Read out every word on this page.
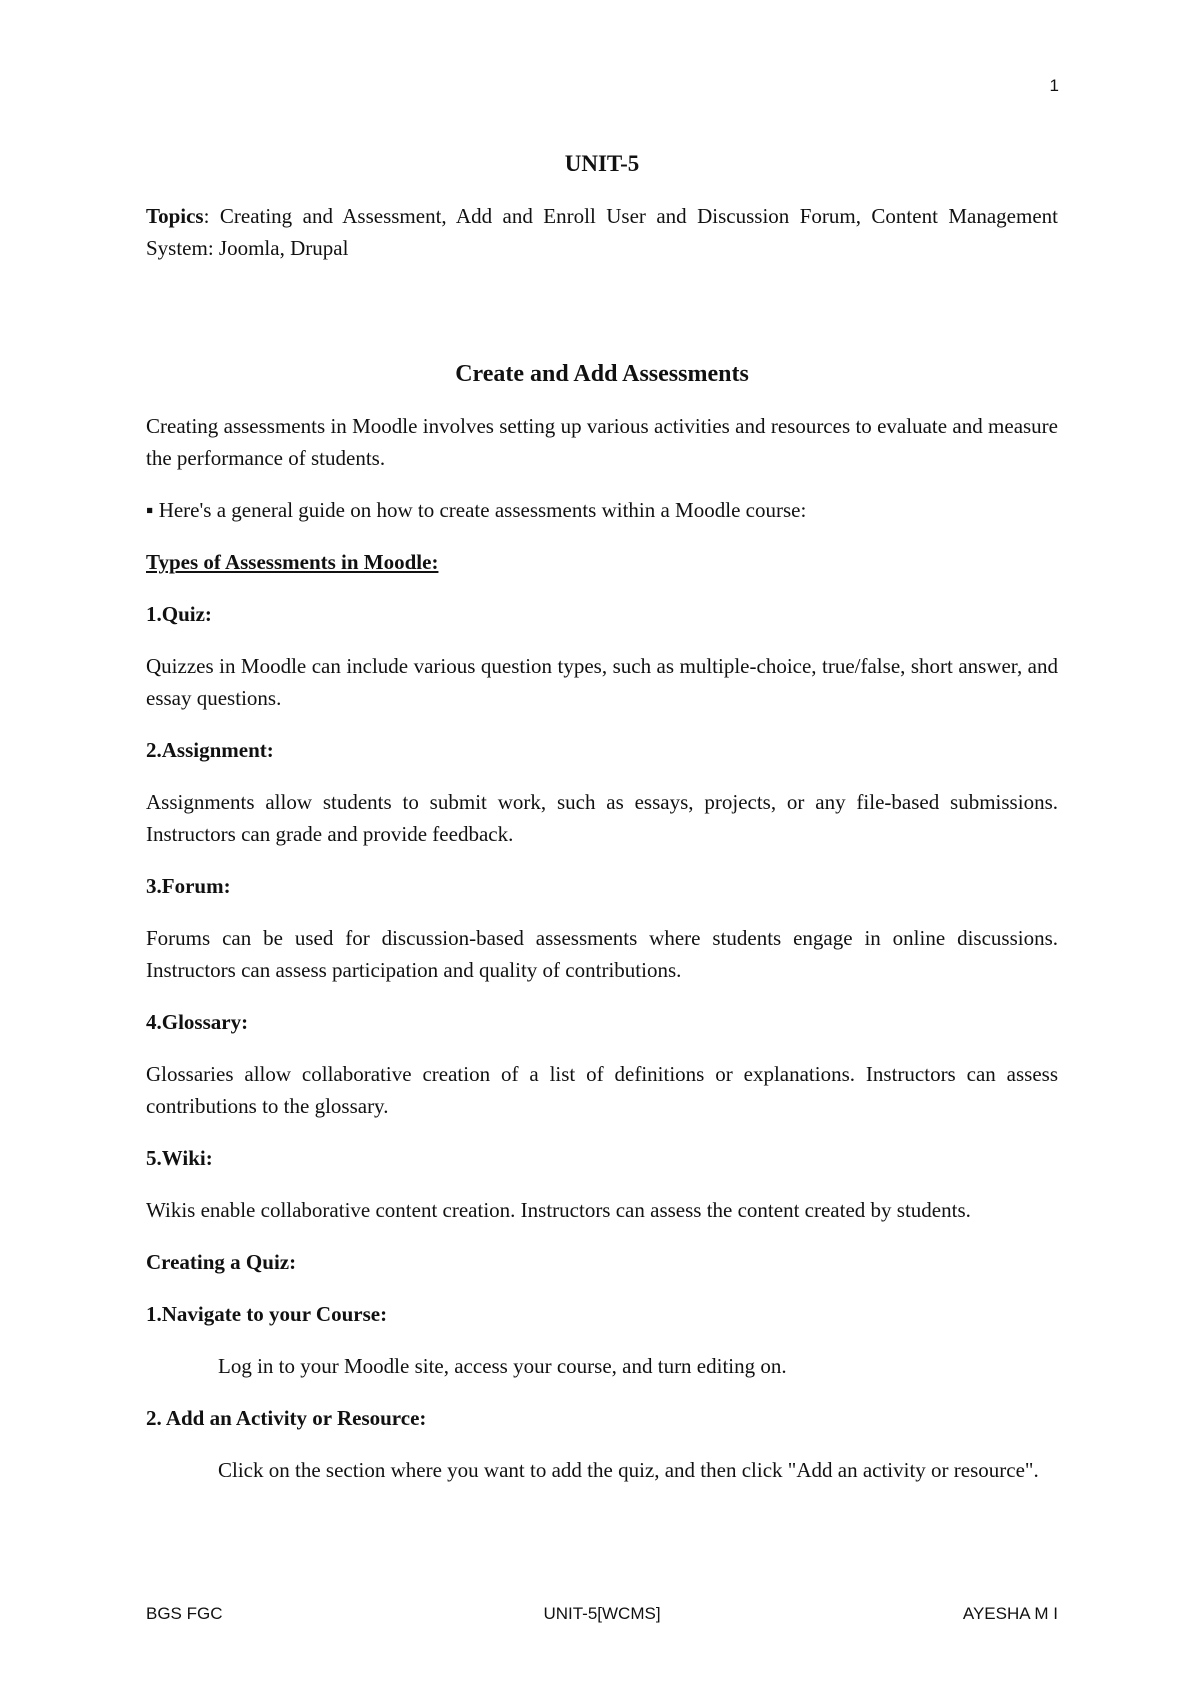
1
UNIT-5

Topics: Creating and Assessment, Add and Enroll User and Discussion Forum, Content Management System: Joomla, Drupal

Create and Add Assessments

Creating assessments in Moodle involves setting up various activities and resources to evaluate and measure the performance of students.

▪ Here's a general guide on how to create assessments within a Moodle course:

Types of Assessments in Moodle:
1.Quiz:

Quizzes in Moodle can include various question types, such as multiple-choice, true/false, short answer, and essay questions.

2.Assignment:

Assignments allow students to submit work, such as essays, projects, or any file-based submissions. Instructors can grade and provide feedback.

3.Forum:

Forums can be used for discussion-based assessments where students engage in online discussions. Instructors can assess participation and quality of contributions.

4.Glossary:

Glossaries allow collaborative creation of a list of definitions or explanations. Instructors can assess contributions to the glossary.

5.Wiki:

Wikis enable collaborative content creation. Instructors can assess the content created by students.

Creating a Quiz:
1.Navigate to your Course:

Log in to your Moodle site, access your course, and turn editing on.

2. Add an Activity or Resource:

Click on the section where you want to add the quiz, and then click "Add an activity or resource".

BGS FGC	UNIT-5[WCMS]	AYESHA M I
